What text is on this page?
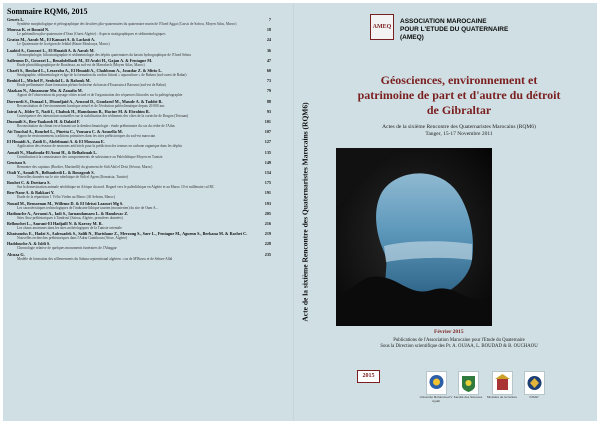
Sommaire RQM6, 2015
Geurts L.
Synthèse morphologique et pétrographique des bivalves plio-quaternaires du quaternaire marin de l'Oued Aggai (Cassis de Safrou, Moyen Atlas, Maroc)
7
Moussa K. et Bouzid N.
Le paléomilieu plio-quaternaire d'Oran (Ouest Algérie) : Aspects stratigraphiques et sédimentologiques
18
Gratas M., Aarab M., El Kamari A. & Lacknit A.
Le Quaternaire de la région de Jebdal (Haute Moulouya, Maroc)
24
Laabid A., Gourari L., El Hmaidi A. & Aarab M.
Géomorphologie, lithostratigraphie et sédimentologie des dépôts quaternaires du bassin hydrographique de l'Oued Sebou
36
Sallemun D., Gourari L., Benabdelhadi M., El Arabi H., Gajan A. & Fentagne M.
Étude photolithographique de Boutfassa, au sud-est de Marrakech (Moyen Atlas, Maroc)
47
Charfi S., Boulard L., Lezaraba A., El Hmaidi A., Chahboun A., Jouzdar Z. & Sfirio L.
Stratigraphie, sédimentologie et âge de la formation du cordon littoral « aquaculture » de Bahara (sud-ouest de Rabat)
60
Benhid L., Michel P., Senhdal L. & Rahouk M.
Étude préliminaire d'une formation pléisto-holocène du bassin d'Essaouira à Baourra (sud-est de Rabat)
73
Alazkan N., Almansour Mu. & Zanafia M.
Apport de l'observation du paysage côtier actuel et de l'organisation des séquences littorales sur la paléogéographie
79
Dorrnedi S., Dsmaal I., Dhoudjaid A., Arnoud D., Goudarof M., Masule A. & Taddei R.
Reconstitution de l'environnement karstique actuel et de l'évolution paléoclimatique depuis 20 000 ans
88
Iatrai A., Jilder T., Nadi I., Chahuk H., Hamdaoun B., Hacine M. & Ebrahim R.
Conséquence des interactions naturelles sur la stabilisation des sédiments des côtes de la corniche de Dragon (Tetouan)
93
Duonaili S., Ben-Yaakoub H. & Dalaid F.
Reconstitution du climat en se basant sur la dendroclimatologie : étude préliminaire du cas du cèdre de l'Atlas
101
Ait Touchal A., Bouchel L., Pinetta C., Vousara C. & Aousella M.
Approche environnement, traditions primitives dans les sites préhistoriques du sud-est marocain
107
El Hmaidi A., Zaidi E., Abdelmaui A. & El Moussaa E.
Application des réseaux de neurones artificiels pour la prédiction des teneurs en carbone organique dans les dépôts
127
Aouali N., Maalouda-El Aomi H., & Belhalouah L.
Contribution à la connaissance des comportements de subsistance au Paléolithique Moyen en Tunisie
135
Geutsau S.
Remonter des capitaux (Bordier, Martinelli) du gisement de Sidi Abd el Drisi (Sécour, Maroc)
149
Otali Y., Aouali N., Belhaubedi L. & Bouzgoub S.
Nouvelles données sur le site rabelaïque de Sidi el Agem (Ifomaisia, Tunisie)
154
Roubet C. & Dsettara S.
Sur la domestication animale néolithique en Afrique du nord. Regard vers le paléolithique en Algérie et au Maroc 10 et millénaire cal BC
175
Ben-Nane A. & Bakkari Y.
Étude de la répartition 1 Vélio Virden au Maroc (Al Sebrim, Maroc)
191
Nouail M., Bensoenan M., Willemo D. & El Idrissi Lzaouri Mg S.
Les caractéristiques technologiques de l'industrie lithique taurien (mousterien) du site de Oum A...
193
Hadiouche A., Arraoui A., Iadi S., Iarnandamaru L. & Hamlovac Z.
Sites Atoz préhistoriques à Tandrouf (Saissa, Algérie, premières données)
205
Bellouchet L., Amrani-El Hadjaill N. & Karray M. R.
Les chaux anciennes dans les sites archéologiques de la Tunisie orientale
216
Khatsoudss E., Hadzi S., Aalessadek S., Salili N., Harishane Z., Merzoug S., Sarr L., Fentagne M., Aguenn S., Berkana M. & Rachet C.
Nouvelles recherches préhistoriques dans l'Adrar Gantikoun (Aïsse, Algérie)
219
Haddouche A. & Isldi S.
Chronologie relative de quelques monuments funéraires de l'Ahaggar
228
Alcuza G.
Modèle de formation des affleurements du Sahara septentrional algérien : cas de M'Bouss et de Sebarr-Allal
235	Acte de la sixième Rencontre des Quaternaristes Marocains (RQM6)
AMEQ
ASSOCIATION MAROCAINE
POUR L'ETUDE DU QUATERNAIRE
(AMEQ)
Géosciences, environnement et
patrimoine de part et d'autre du détroit
de Gibraltar
Actes de la sixième Rencontre des Quaternaristes Marocains (RQM6)
Tanger, 15-17 Novembre 2011
Février 2015
Publications de l'Association Marocaine pour l'Etude du Quaternaire
Sous la Direction scientifique des Pr. A. OUJAA, L. BOUDAD & B. OUCHAOU
2015
Université Mohammed V Agdal
Faculté des Sciences	Ministère de la Culture	INSAP
